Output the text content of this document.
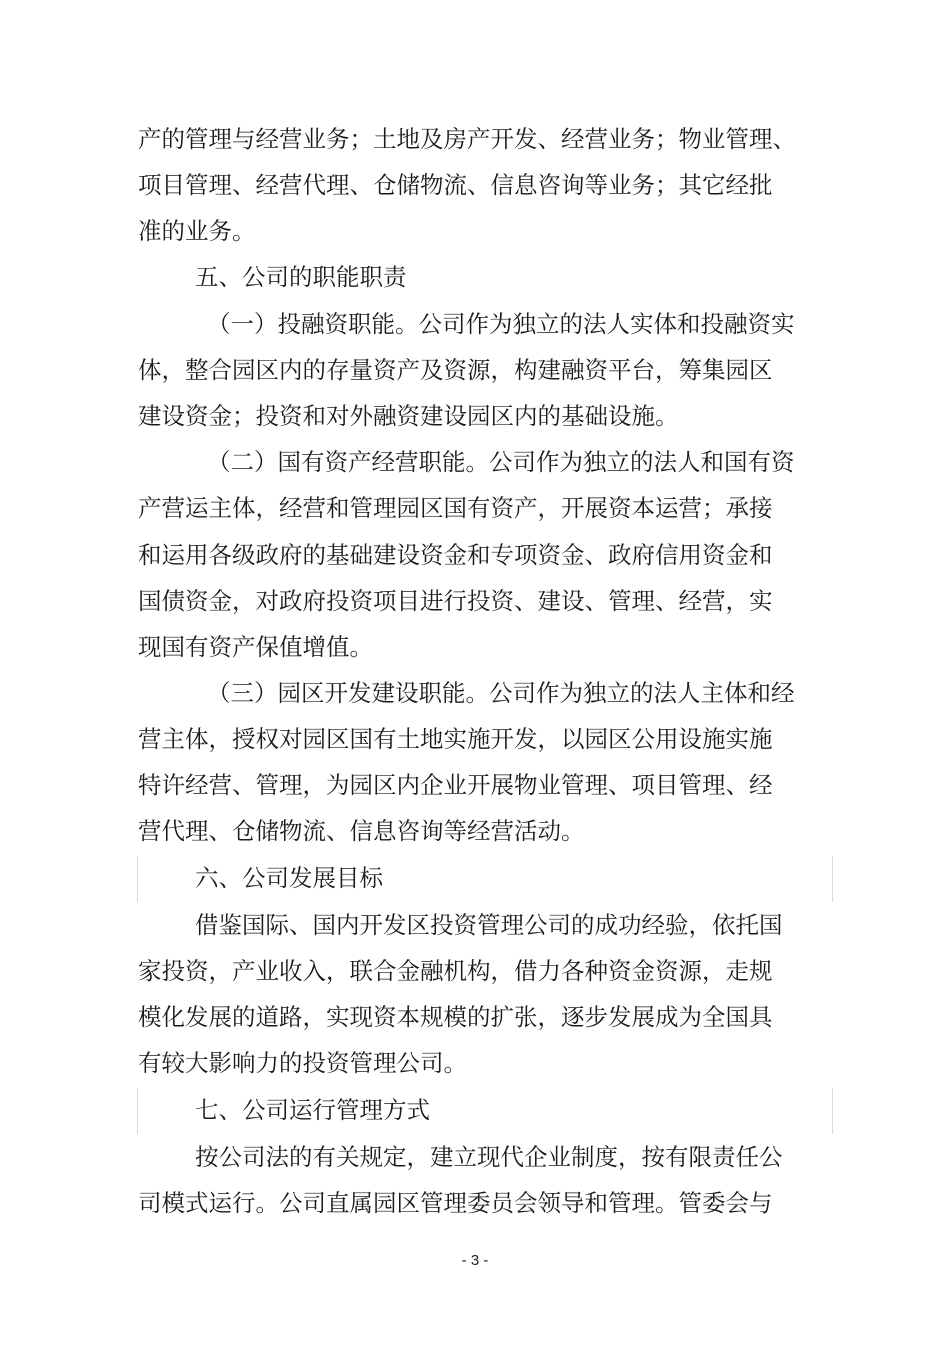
产的管理与经营业务；土地及房产开发、经营业务；物业管理、
项目管理、经营代理、仓储物流、信息咨询等业务；其它经批
准的业务。
五、公司的职能职责
（一）投融资职能。公司作为独立的法人实体和投融资实
体，整合园区内的存量资产及资源，构建融资平台，筹集园区
建设资金；投资和对外融资建设园区内的基础设施。
（二）国有资产经营职能。公司作为独立的法人和国有资
产营运主体，经营和管理园区国有资产，开展资本运营；承接
和运用各级政府的基础建设资金和专项资金、政府信用资金和
国债资金，对政府投资项目进行投资、建设、管理、经营，实
现国有资产保值增值。
（三）园区开发建设职能。公司作为独立的法人主体和经
营主体，授权对园区国有土地实施开发，以园区公用设施实施
特许经营、管理，为园区内企业开展物业管理、项目管理、经
营代理、仓储物流、信息咨询等经营活动。
六、公司发展目标
借鉴国际、国内开发区投资管理公司的成功经验，依托国
家投资，产业收入，联合金融机构，借力各种资金资源，走规
模化发展的道路，实现资本规模的扩张，逐步发展成为全国具
有较大影响力的投资管理公司。
七、公司运行管理方式
按公司法的有关规定，建立现代企业制度，按有限责任公
司模式运行。公司直属园区管理委员会领导和管理。管委会与
- 3 -
